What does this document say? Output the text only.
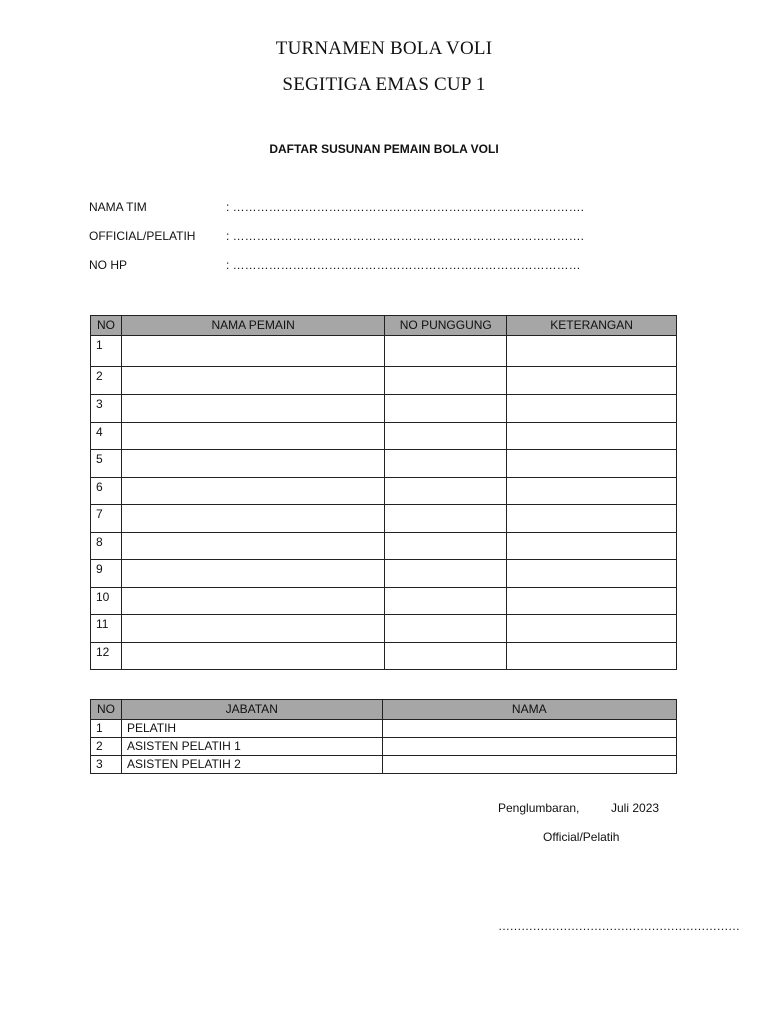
TURNAMEN BOLA VOLI
SEGITIGA EMAS CUP 1
DAFTAR SUSUNAN PEMAIN BOLA VOLI
NAMA TIM	: …………………………………………………………………………….
OFFICIAL/PELATIH	: …………………………………………………………………………….
NO HP	: ……………………………………………………………………………
NO	NAMA PEMAIN	NO PUNGGUNG	KETERANGAN
1			
2			
3			
4			
5			
6			
7			
8			
9			
10			
11			
12			
NO	JABATAN	NAMA
1	PELATIH	
2	ASISTEN PELATIH 1	
3	ASISTEN PELATIH 2	
Penglumbaran,	Juli 2023
Official/Pelatih
………………………………………………………
